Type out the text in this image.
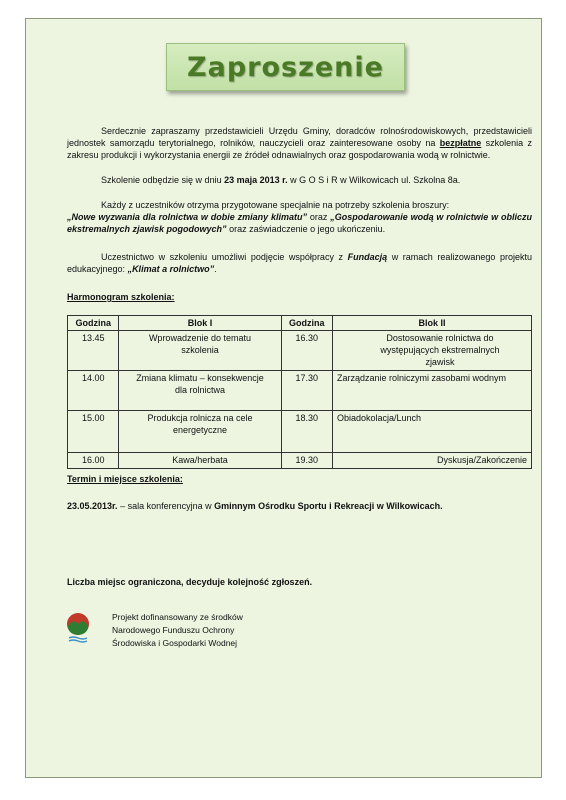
Zaproszenie
Serdecznie zapraszamy przedstawicieli Urzędu Gminy, doradców rolnośrodowiskowych, przedstawicieli jednostek samorządu terytorialnego, rolników, nauczycieli oraz zainteresowane osoby na bezpłatne szkolenia z zakresu produkcji i wykorzystania energii ze źródeł odnawialnych oraz gospodarowania wodą w rolnictwie.
Szkolenie odbędzie się w dniu 23 maja 2013 r. w G O S i R w Wilkowicach ul. Szkolna 8a.
Każdy z uczestników otrzyma przygotowane specjalnie na potrzeby szkolenia broszury:
„Nowe wyzwania dla rolnictwa w dobie zmiany klimatu” oraz „Gospodarowanie wodą w rolnictwie w obliczu ekstremalnych zjawisk pogodowych” oraz zaświadczenie o jego ukończeniu.
Uczestnictwo w szkoleniu umożliwi podjęcie współpracy z Fundacją w ramach realizowanego projektu edukacyjnego: „Klimat a rolnictwo”.
Harmonogram szkolenia:
Godzina	Blok I	Godzina	Blok II
13.45	Wprowadzenie do tematu szkolenia	16.30	Dostosowanie rolnictwa do występujących ekstremalnych zjawisk

14.00	Zmiana klimatu – konsekwencje dla rolnictwa	17.30	Zarządzanie rolniczymi zasobami wodnym
15.00	Produkcja rolnicza na cele energetyczne	18.30	Obiadokolacja/Lunch
16.00	Kawa/herbata	19.30	Dyskusja/Zakończenie
Termin i miejsce szkolenia:
23.05.2013r. – sala konferencyjna w Gminnym Ośrodku Sportu i Rekreacji w Wilkowicach.
Liczba miejsc ograniczona, decyduje kolejność zgłoszeń.
Projekt dofinansowany ze środków
Narodowego Funduszu Ochrony
Środowiska i Gospodarki Wodnej
